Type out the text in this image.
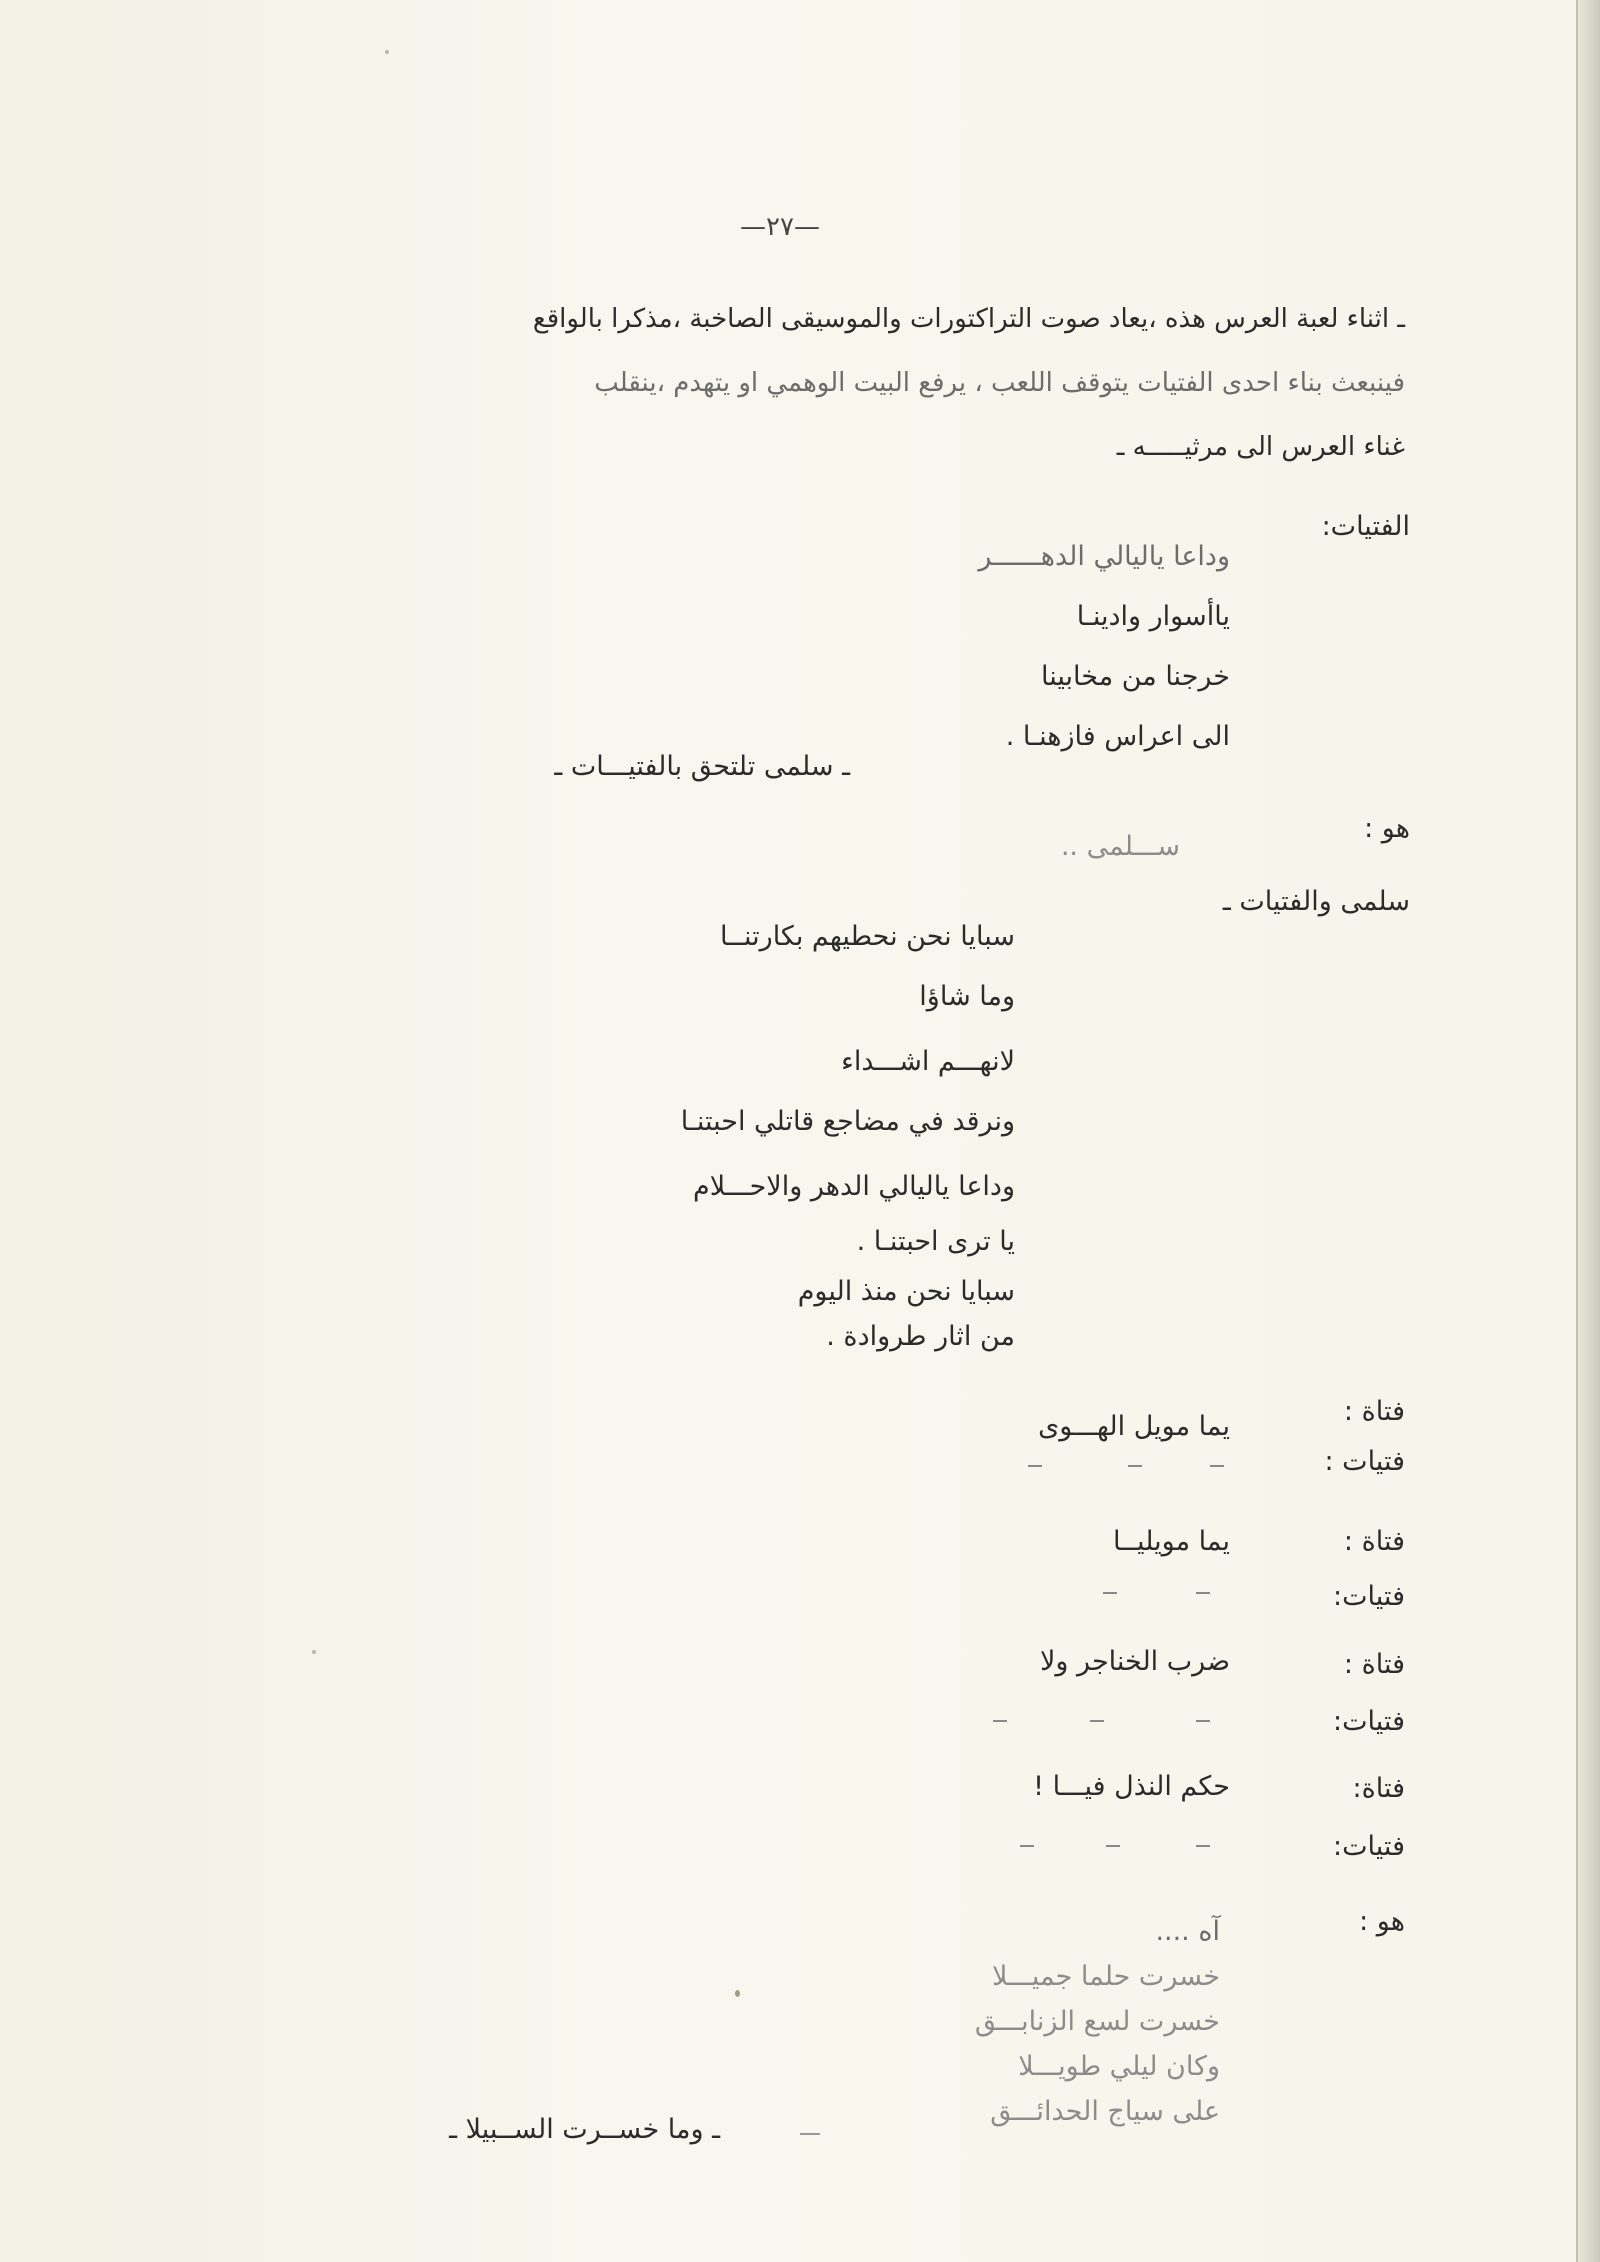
—٢٧—
ـ اثناء لعبة العرس هذه ،يعاد صوت التراكتورات والموسيقى الصاخبة ،مذكرا بالواقع
فينبعث بناء احدى الفتيات يتوقف اللعب ، يرفع البيت الوهمي او يتهدم ،ينقلب
غناء العرس الى مرثيـــــه ـ
الفتيات:
وداعا ياليالي الدهــــــر
ياأسوار وادينـا
خرجنا من مخابينا
الى اعراس فازهنـا .
ـ سلمى تلتحق بالفتيـــات ـ
هو :
ســـلمى ..
سلمى والفتيات ـ
سبايا نحن نحطيهم بكارتنــا
وما شاؤا
لانهـــم اشـــداء
ونرقد في مضاجع قاتلي احبتنـا
وداعا ياليالي الدهر والاحـــلام
يا ترى احبتنـا .
سبايا نحن منذ اليوم
من اثار طروادة .
فتاة :
يما مويل الهـــوى
فتيات :
فتاة :
يما مويليــا
فتيات:
فتاة :
ضرب الخناجر ولا
فتيات:
فتاة:
حكم النذل فيـــا !
فتيات:
هو :
آه ....
خسرت حلما جميـــلا
خسرت لسع الزنابـــق
وكان ليلي طويـــلا
على سياج الحدائـــق
ـ وما خســرت الســبيلا ـ
